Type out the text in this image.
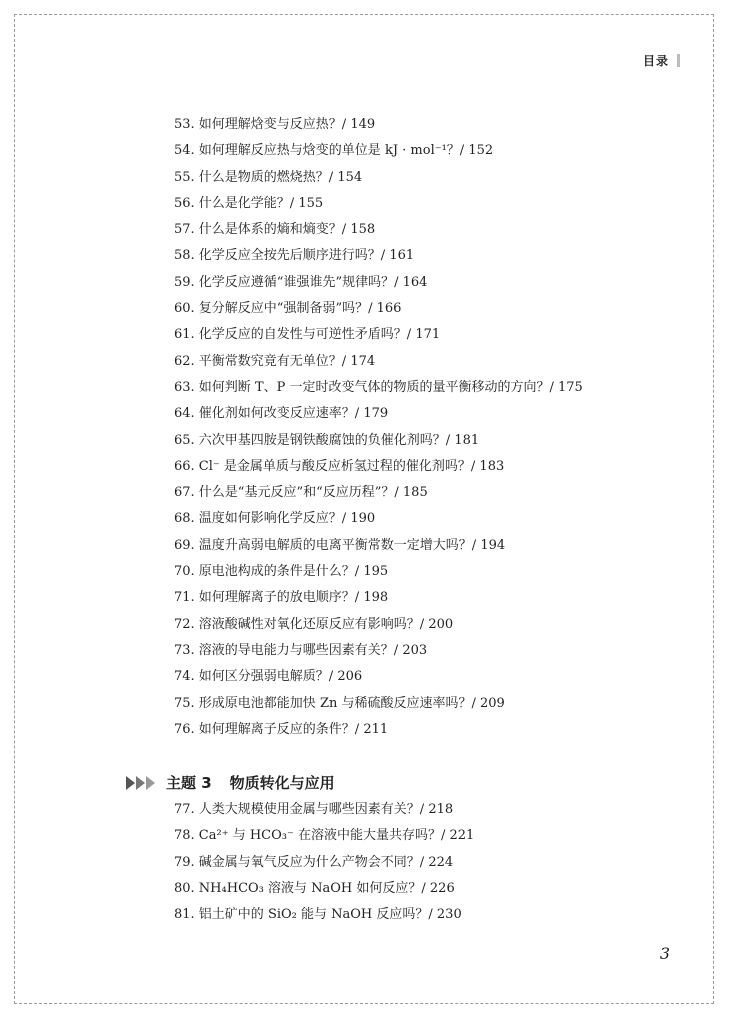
目录
53. 如何理解焓变与反应热？/ 149
54. 如何理解反应热与焓变的单位是 kJ · mol⁻¹？/ 152
55. 什么是物质的燃烧热？/ 154
56. 什么是化学能？/ 155
57. 什么是体系的熵和熵变？/ 158
58. 化学反应全按先后顺序进行吗？/ 161
59. 化学反应遵循“谁强谁先”规律吗？/ 164
60. 复分解反应中“强制备弱”吗？/ 166
61. 化学反应的自发性与可逆性矛盾吗？/ 171
62. 平衡常数究竟有无单位？/ 174
63. 如何判断 T、P 一定时改变气体的物质的量平衡移动的方向？/ 175
64. 催化剂如何改变反应速率？/ 179
65. 六次甲基四胺是钢铁酸腐蚀的负催化剂吗？/ 181
66. Cl⁻ 是金属单质与酸反应析氢过程的催化剂吗？/ 183
67. 什么是“基元反应”和“反应历程”？/ 185
68. 温度如何影响化学反应？/ 190
69. 温度升高弱电解质的电离平衡常数一定增大吗？/ 194
70. 原电池构成的条件是什么？/ 195
71. 如何理解离子的放电顺序？/ 198
72. 溶液酸碱性对氧化还原反应有影响吗？/ 200
73. 溶液的导电能力与哪些因素有关？/ 203
74. 如何区分强弱电解质？/ 206
75. 形成原电池都能加快 Zn 与稀硫酸反应速率吗？/ 209
76. 如何理解离子反应的条件？/ 211
主题 3 物质转化与应用
77. 人类大规模使用金属与哪些因素有关？/ 218
78. Ca²⁺ 与 HCO₃⁻ 在溶液中能大量共存吗？/ 221
79. 碱金属与氧气反应为什么产物会不同？/ 224
80. NH₄HCO₃ 溶液与 NaOH 如何反应？/ 226
81. 铝土矿中的 SiO₂ 能与 NaOH 反应吗？/ 230
3
